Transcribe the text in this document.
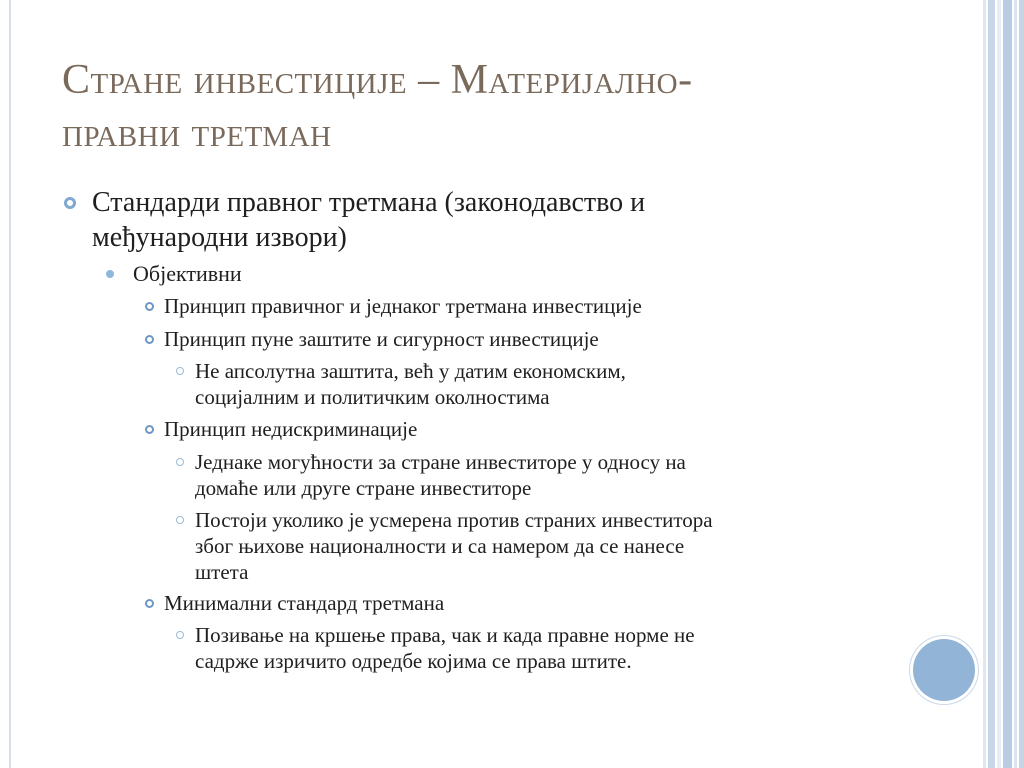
Стране инвестиције – Материјално-
правни третман
Стандарди правног третмана (законодавство и
међународни извори)
Објективни
Принцип правичног и једнаког третмана инвестиције
Принцип пуне заштите и сигурност инвестиције
Не апсолутна заштита, већ у датим економским,
социјалним и политичким околностима
Принцип недискриминације
Једнаке могућности за стране инвеститоре у односу на
домаће или друге стране инвеститоре
Постоји уколико је усмерена против страних инвеститора
због њихове националности и са намером да се нанесе
штета
Минимални стандард третмана
Позивање на кршење права, чак и када правне норме не
садрже изричито одредбе којима се права штите.
